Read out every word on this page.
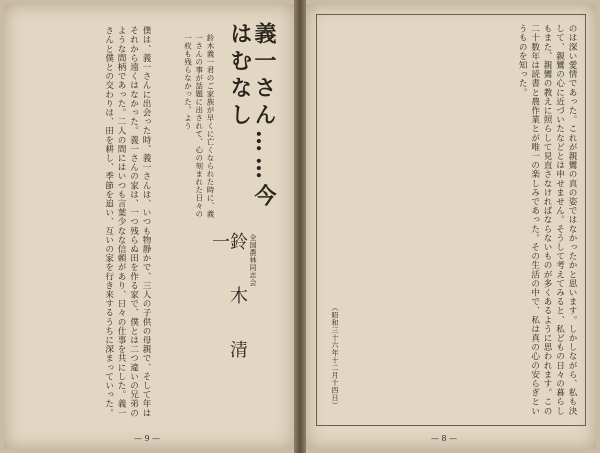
僕は、義一さんに出会った時、義一さんは、いつも物静かで、三人の子供の母親で、そして年はそれから遠くはなかった。義一さんの家は、一つ残らぬ田を作る家で、僕とは二つ違いの兄弟のような間柄であった。二人の間にはいつも言葉少なな信頼があり、日々の仕事を共にした。義一さんと僕との交わりは、田を耕し、季節を追い、互いの家を行き来するうちに深まっていった。	鈴　木　清　一	全国農林同志会
鈴木義一君のご家族が早くに亡くなられた時に、義一さんの事が話題に出されて、心の刻まれた日々の一枚も残らなかった。よう	義一さん……今はむなし
— 9 —
のは深い愛情であった。これが親鸞の真の姿ではなかったかと思います。しかしながら、私も決して、親鸞の心に近づいたなどとは申せません。そうして考えてみると、私どもの日々の暮らしもまた、親鸞の教えに照らして見直さなければならないものが多くあるように思われます。この二十数年は読書と農作業とが唯一の楽しみであった。その生活の中で、私は真の心の安らぎというものを知った。
（昭和三十六年十二月十四日）
— 8 —
